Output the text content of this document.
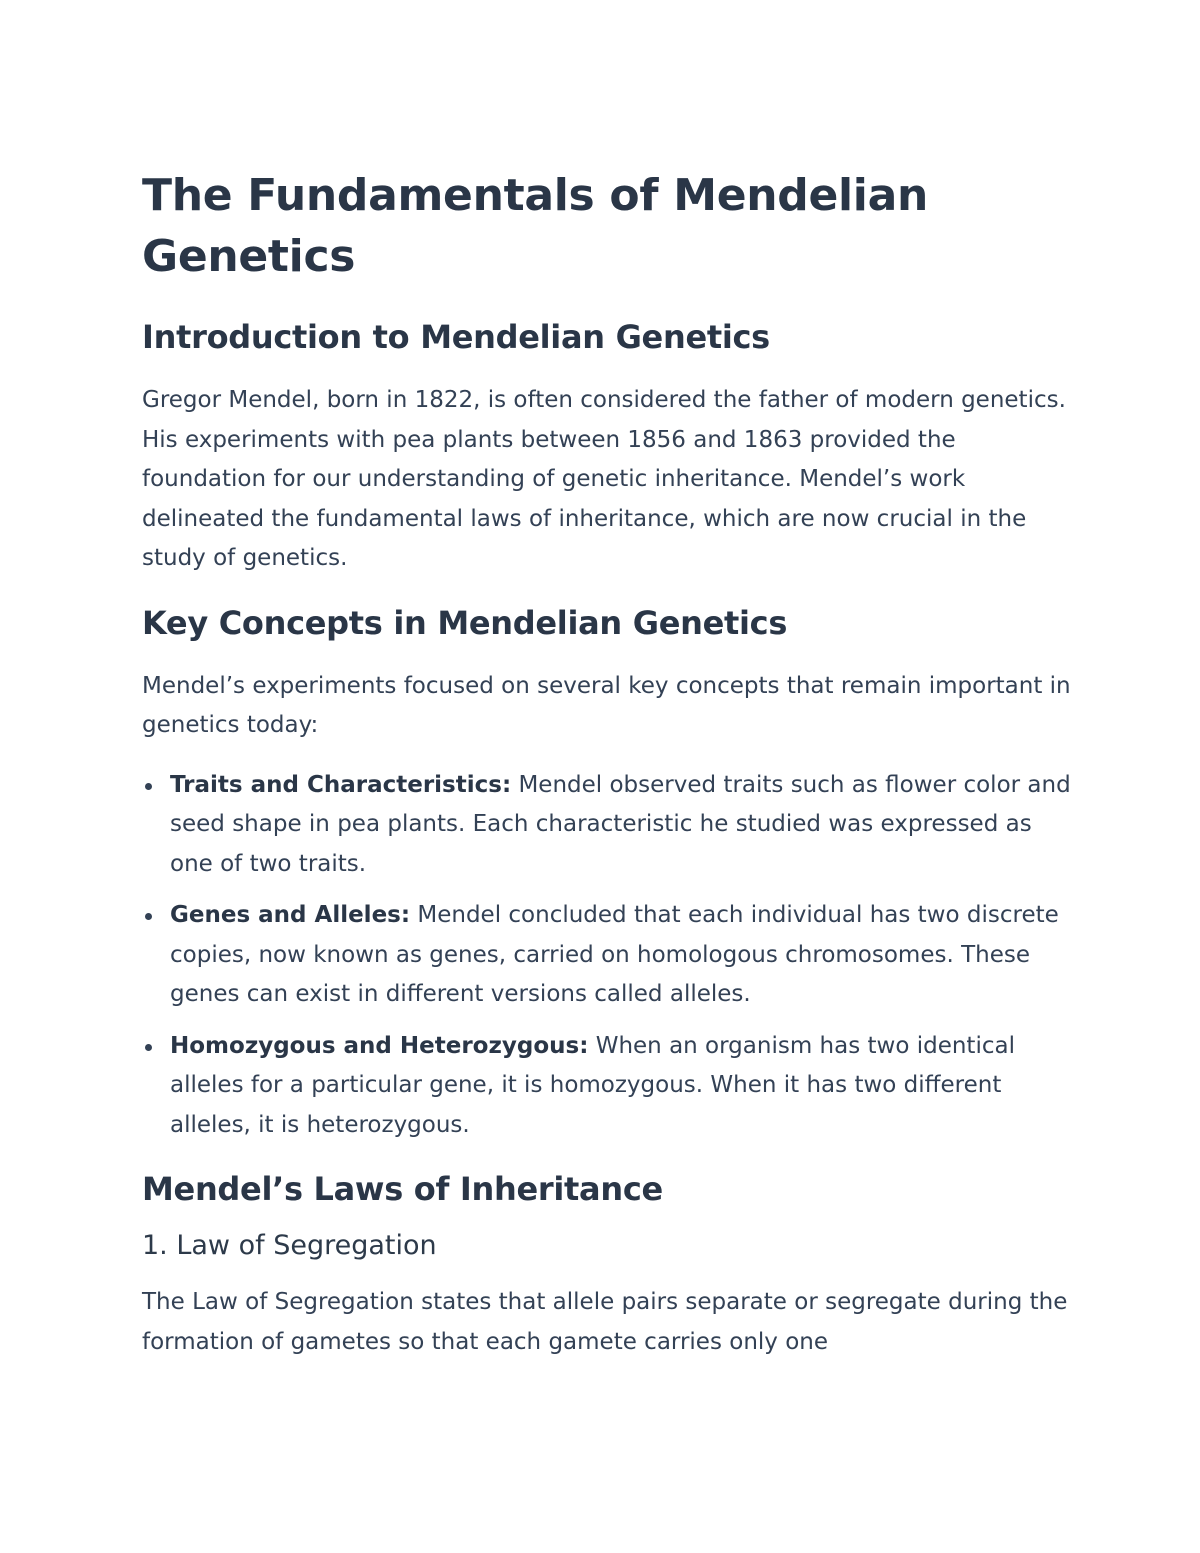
The Fundamentals of Mendelian Genetics
Introduction to Mendelian Genetics

Gregor Mendel, born in 1822, is often considered the father of modern genetics. His experiments with pea plants between 1856 and 1863 provided the foundation for our understanding of genetic inheritance. Mendel’s work delineated the fundamental laws of inheritance, which are now crucial in the study of genetics.

Key Concepts in Mendelian Genetics

Mendel’s experiments focused on several key concepts that remain important in genetics today:

Traits and Characteristics: Mendel observed traits such as flower color and seed shape in pea plants. Each characteristic he studied was expressed as one of two traits.
Genes and Alleles: Mendel concluded that each individual has two discrete copies, now known as genes, carried on homologous chromosomes. These genes can exist in different versions called alleles.
Homozygous and Heterozygous: When an organism has two identical alleles for a particular gene, it is homozygous. When it has two different alleles, it is heterozygous.
Mendel’s Laws of Inheritance
1. Law of Segregation

The Law of Segregation states that allele pairs separate or segregate during the formation of gametes so that each gamete carries only one
